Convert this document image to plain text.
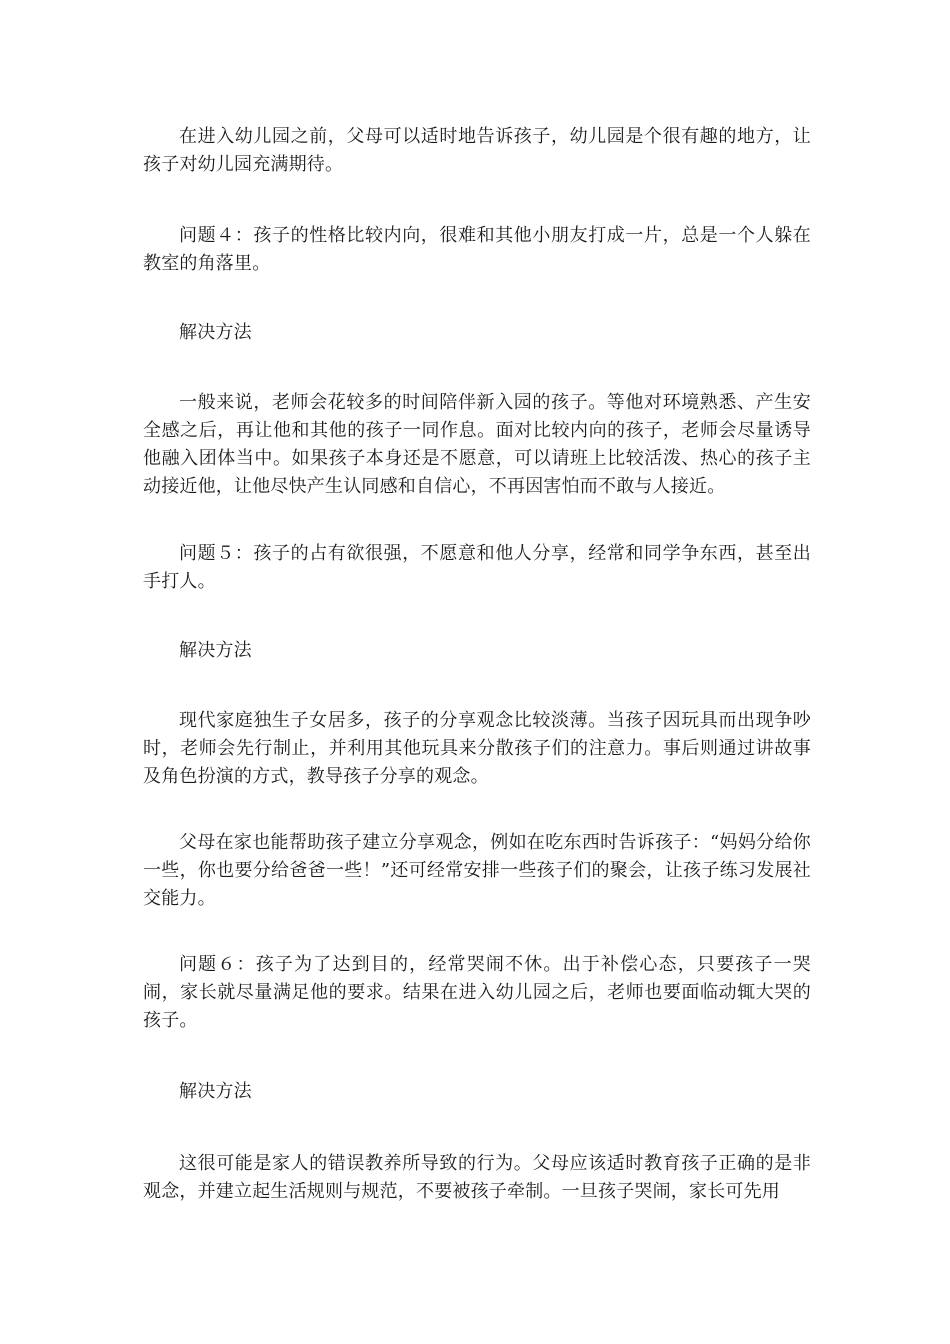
在进入幼儿园之前，父母可以适时地告诉孩子，幼儿园是个很有趣的地方，让孩子对幼儿园充满期待。

问题４：孩子的性格比较内向，很难和其他小朋友打成一片，总是一个人躲在教室的角落里。

解决方法

一般来说，老师会花较多的时间陪伴新入园的孩子。等他对环境熟悉、产生安全感之后，再让他和其他的孩子一同作息。面对比较内向的孩子，老师会尽量诱导他融入团体当中。如果孩子本身还是不愿意，可以请班上比较活泼、热心的孩子主动接近他，让他尽快产生认同感和自信心，不再因害怕而不敢与人接近。

问题５：孩子的占有欲很强，不愿意和他人分享，经常和同学争东西，甚至出手打人。

解决方法

现代家庭独生子女居多，孩子的分享观念比较淡薄。当孩子因玩具而出现争吵时，老师会先行制止，并利用其他玩具来分散孩子们的注意力。事后则通过讲故事及角色扮演的方式，教导孩子分享的观念。

父母在家也能帮助孩子建立分享观念，例如在吃东西时告诉孩子：“妈妈分给你一些，你也要分给爸爸一些！”还可经常安排一些孩子们的聚会，让孩子练习发展社交能力。

问题６：孩子为了达到目的，经常哭闹不休。出于补偿心态，只要孩子一哭闹，家长就尽量满足他的要求。结果在进入幼儿园之后，老师也要面临动辄大哭的孩子。

解决方法

这很可能是家人的错误教养所导致的行为。父母应该适时教育孩子正确的是非观念，并建立起生活规则与规范，不要被孩子牵制。一旦孩子哭闹，家长可先用
